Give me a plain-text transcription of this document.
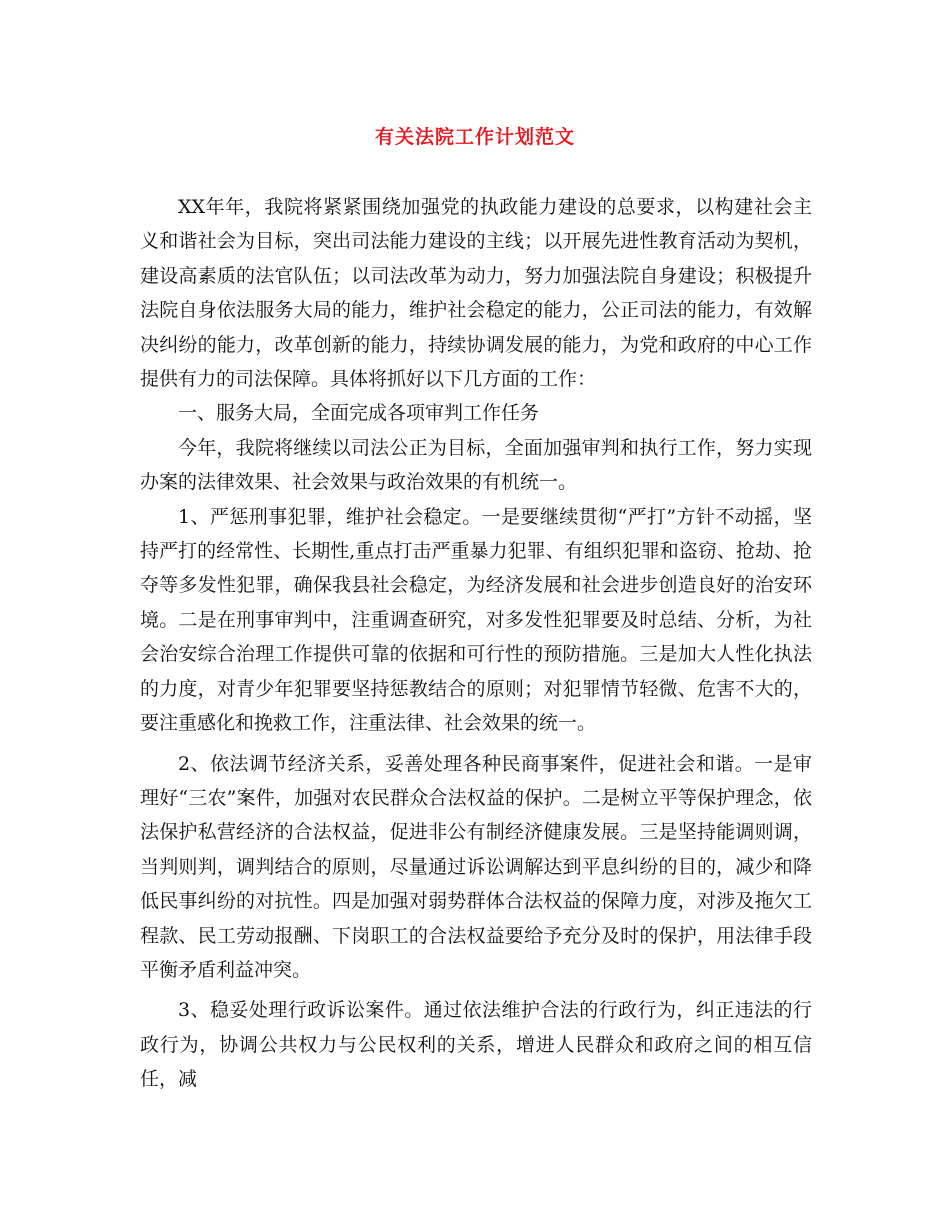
有关法院工作计划范文

XX年年，我院将紧紧围绕加强党的执政能力建设的总要求，以构建社会主义和谐社会为目标，突出司法能力建设的主线；以开展先进性教育活动为契机，建设高素质的法官队伍；以司法改革为动力，努力加强法院自身建设；积极提升法院自身依法服务大局的能力，维护社会稳定的能力，公正司法的能力，有效解决纠纷的能力，改革创新的能力，持续协调发展的能力，为党和政府的中心工作提供有力的司法保障。具体将抓好以下几方面的工作：

一、服务大局，全面完成各项审判工作任务

今年，我院将继续以司法公正为目标，全面加强审判和执行工作，努力实现办案的法律效果、社会效果与政治效果的有机统一。

1、严惩刑事犯罪，维护社会稳定。一是要继续贯彻“严打”方针不动摇，坚持严打的经常性、长期性,重点打击严重暴力犯罪、有组织犯罪和盗窃、抢劫、抢夺等多发性犯罪，确保我县社会稳定，为经济发展和社会进步创造良好的治安环境。二是在刑事审判中，注重调查研究，对多发性犯罪要及时总结、分析，为社会治安综合治理工作提供可靠的依据和可行性的预防措施。三是加大人性化执法的力度，对青少年犯罪要坚持惩教结合的原则；对犯罪情节轻微、危害不大的，要注重感化和挽救工作，注重法律、社会效果的统一。

2、依法调节经济关系，妥善处理各种民商事案件，促进社会和谐。一是审理好“三农”案件，加强对农民群众合法权益的保护。二是树立平等保护理念，依法保护私营经济的合法权益，促进非公有制经济健康发展。三是坚持能调则调，当判则判，调判结合的原则，尽量通过诉讼调解达到平息纠纷的目的，减少和降低民事纠纷的对抗性。四是加强对弱势群体合法权益的保障力度，对涉及拖欠工程款、民工劳动报酬、下岗职工的合法权益要给予充分及时的保护，用法律手段平衡矛盾利益冲突。

3、稳妥处理行政诉讼案件。通过依法维护合法的行政行为，纠正违法的行政行为，协调公共权力与公民权利的关系，增进人民群众和政府之间的相互信任，减
